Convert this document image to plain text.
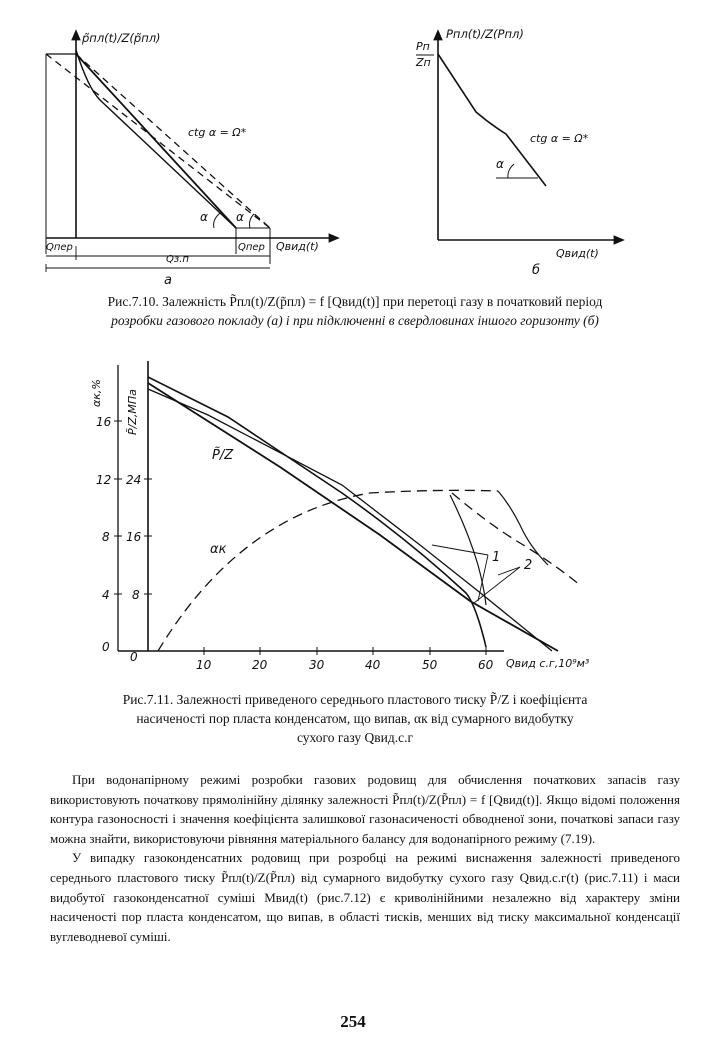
p̃пл(t)/Z(p̃пл)
ctg α = Ω*
α α
Qпер	Qпер Qвид(t)
Qз.п
а
Pпл(t)/Z(Pпл)
Pп
Zп
ctg α = Ω*
α
Qвид(t)
б
Рис.7.10. Залежність P̃пл(t)/Z(p̃пл) = f [Qвид(t)] при перетоці газу в початковий період
розробки газового покладу (а) і при підключенні в свердловинах іншого горизонту (б)
αк,% P̃/Z,МПа
16
12
8
4
0
24
16
8
0
10	20	30	40	50	60 Qвид с.г,10⁹м³
P̃/Z
αк
1
2
Рис.7.11. Залежності приведеного середнього пластового тиску P̃/Z і коефіцієнта
насиченості пор пласта конденсатом, що випав, αк від сумарного видобутку
сухого газу Qвид.с.г

При водонапірному режимі розробки газових родовищ для обчислення початкових запасів газу використовують початкову прямолінійну ділянку залежності P̃пл(t)/Z(P̃пл) = f [Qвид(t)]. Якщо відомі положення контура газоносності і значення коефіцієнта залишкової газонасиченості обводненої зони, початкові запаси газу можна знайти, використовуючи рівняння матеріального балансу для водонапірного режиму (7.19).

У випадку газоконденсатних родовищ при розробці на режимі виснаження залежності приведеного середнього пластового тиску P̃пл(t)/Z(P̃пл) від сумарного видобутку сухого газу Qвид.с.г(t) (рис.7.11) і маси видобутої газоконденсатної суміші Mвид(t) (рис.7.12) є криволінійними незалежно від характеру зміни насиченості пор пласта конденсатом, що випав, в області тисків, менших від тиску максимальної конденсації вуглеводневої суміші.

254
